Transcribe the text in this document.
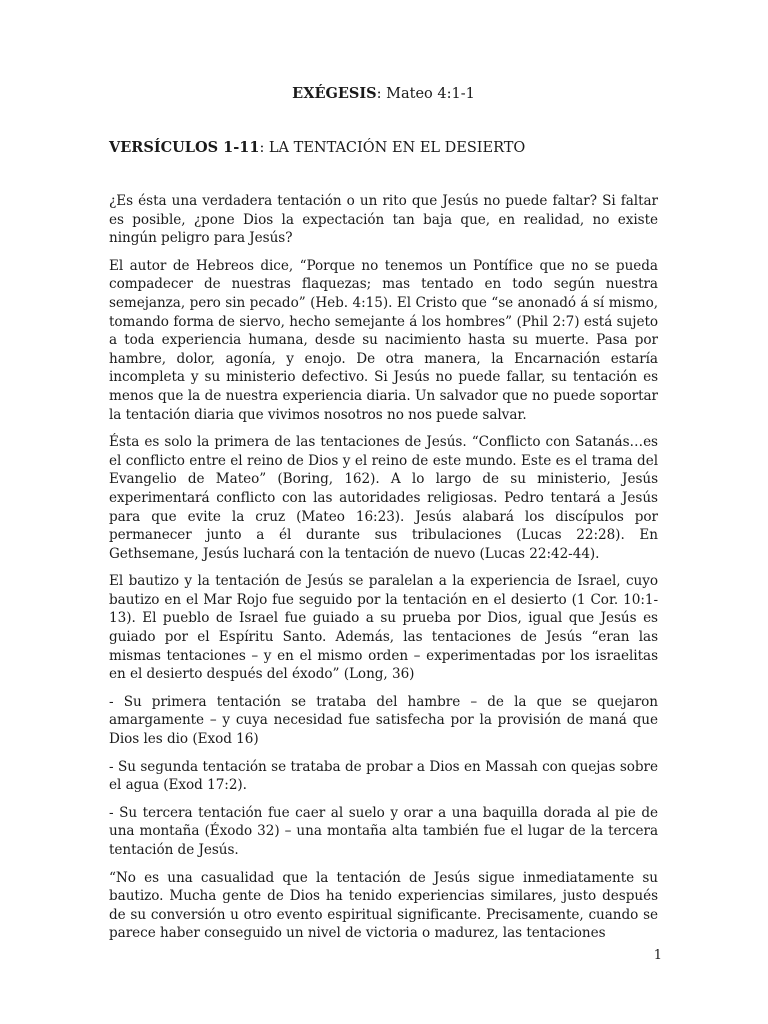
EXÉGESIS: Mateo 4:1-1
VERSÍCULOS 1-11: LA TENTACIÓN EN EL DESIERTO

¿Es ésta una verdadera tentación o un rito que Jesús no puede faltar? Si faltar es posible, ¿pone Dios la expectación tan baja que, en realidad, no existe ningún peligro para Jesús?

El autor de Hebreos dice, “Porque no tenemos un Pontífice que no se pueda compadecer de nuestras flaquezas; mas tentado en todo según nuestra semejanza, pero sin pecado” (Heb. 4:15). El Cristo que “se anonadó á sí mismo, tomando forma de siervo, hecho semejante á los hombres” (Phil 2:7) está sujeto a toda experiencia humana, desde su nacimiento hasta su muerte. Pasa por hambre, dolor, agonía, y enojo. De otra manera, la Encarnación estaría incompleta y su ministerio defectivo. Si Jesús no puede fallar, su tentación es menos que la de nuestra experiencia diaria. Un salvador que no puede soportar la tentación diaria que vivimos nosotros no nos puede salvar.

Ésta es solo la primera de las tentaciones de Jesús. “Conflicto con Satanás…es el conflicto entre el reino de Dios y el reino de este mundo. Este es el trama del Evangelio de Mateo” (Boring, 162). A lo largo de su ministerio, Jesús experimentará conflicto con las autoridades religiosas. Pedro tentará a Jesús para que evite la cruz (Mateo 16:23). Jesús alabará los discípulos por permanecer junto a él durante sus tribulaciones (Lucas 22:28). En Gethsemane, Jesús luchará con la tentación de nuevo (Lucas 22:42-44).

El bautizo y la tentación de Jesús se paralelan a la experiencia de Israel, cuyo bautizo en el Mar Rojo fue seguido por la tentación en el desierto (1 Cor. 10:1-13). El pueblo de Israel fue guiado a su prueba por Dios, igual que Jesús es guiado por el Espíritu Santo. Además, las tentaciones de Jesús “eran las mismas tentaciones – y en el mismo orden – experimentadas por los israelitas en el desierto después del éxodo” (Long, 36)

- Su primera tentación se trataba del hambre – de la que se quejaron amargamente – y cuya necesidad fue satisfecha por la provisión de maná que Dios les dio (Exod 16)

- Su segunda tentación se trataba de probar a Dios en Massah con quejas sobre el agua (Exod 17:2).

- Su tercera tentación fue caer al suelo y orar a una baquilla dorada al pie de una montaña (Éxodo 32) – una montaña alta también fue el lugar de la tercera tentación de Jesús.

“No es una casualidad que la tentación de Jesús sigue inmediatamente su bautizo. Mucha gente de Dios ha tenido experiencias similares, justo después de su conversión u otro evento espiritual significante. Precisamente, cuando se parece haber conseguido un nivel de victoria o madurez, las tentaciones

1
